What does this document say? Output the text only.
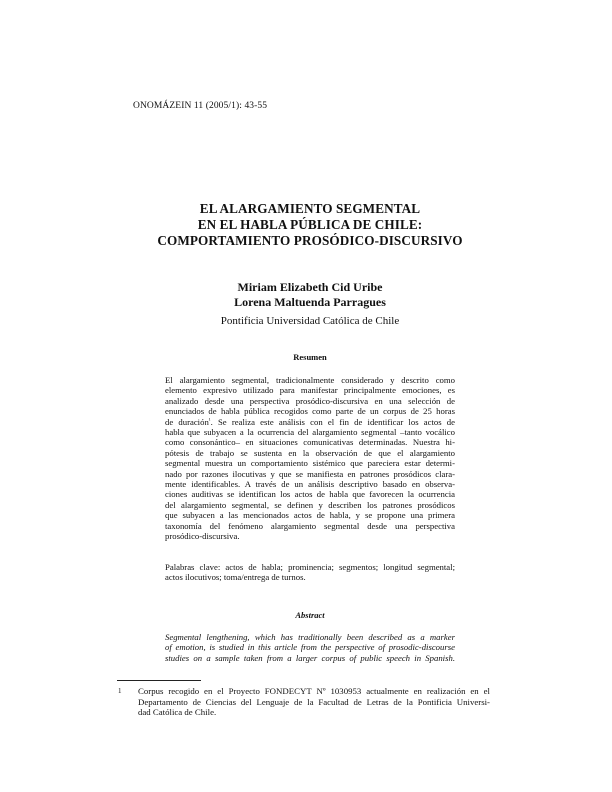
ONOMÁZEIN 11 (2005/1): 43-55
EL ALARGAMIENTO SEGMENTAL
EN EL HABLA PÚBLICA DE CHILE:
COMPORTAMIENTO PROSÓDICO-DISCURSIVO
Miriam Elizabeth Cid Uribe
Lorena Maltuenda Parragues
Pontificia Universidad Católica de Chile
Resumen
El alargamiento segmental, tradicionalmente considerado y descrito como
elemento expresivo utilizado para manifestar principalmente emociones, es
analizado desde una perspectiva prosódico-discursiva en una selección de
enunciados de habla pública recogidos como parte de un corpus de 25 horas
de duración$^{^1}$. Se realiza este análisis con el fin de identificar los actos de
habla que subyacen a la ocurrencia del alargamiento segmental –tanto vocálico
como consonántico– en situaciones comunicativas determinadas. Nuestra hi-
pótesis de trabajo se sustenta en la observación de que el alargamiento
segmental muestra un comportamiento sistémico que pareciera estar determi-
nado por razones ilocutivas y que se manifiesta en patrones prosódicos clara-
mente identificables. A través de un análisis descriptivo basado en observa-
ciones auditivas se identifican los actos de habla que favorecen la ocurrencia
del alargamiento segmental, se definen y describen los patrones prosódicos
que subyacen a las mencionados actos de habla, y se propone una primera
taxonomía del fenómeno alargamiento segmental desde una perspectiva
prosódico-discursiva.
Palabras clave: actos de habla; prominencia; segmentos; longitud segmental;
actos ilocutivos; toma/entrega de turnos.
Abstract
Segmental lengthening, which has traditionally been described as a marker
of emotion, is studied in this article from the perspective of prosodic-discourse
studies on a sample taken from a larger corpus of public speech in Spanish.
1 Corpus recogido en el Proyecto FONDECYT Nº 1030953 actualmente en realización en el
Departamento de Ciencias del Lenguaje de la Facultad de Letras de la Pontificia Universi-
dad Católica de Chile.
